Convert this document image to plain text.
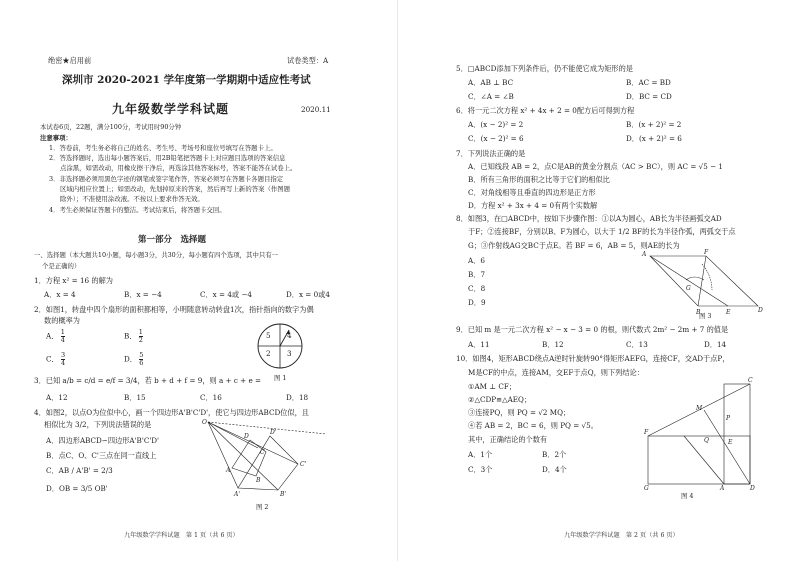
绝密★启用前	试卷类型：A
深圳市 2020-2021 学年度第一学期期中适应性考试
九年级数学学科试题	2020.11
本试卷6页，22题，满分100分，考试用时90分钟
注意事项：
1．答卷前，考生务必将自己的姓名、考生号、考场号和座位号填写在答题卡上。
2．答选择题时，选出每小题答案后，用2B铅笔把答题卡上对应题目选项的答案信息
点涂黑，如需改动，用橡皮擦干净后，再选涂其他答案标号，答案不能答在试卷上。
3．非选择题必须用黑色字迹的钢笔或签字笔作答，答案必须写在答题卡各题目指定
区域内相应位置上；如需改动，先划掉原来的答案，然后再写上新的答案（作图题
除外）；不准使用涂改液。不按以上要求作答无效。
4．考生必须保证答题卡的整洁。考试结束后，将答题卡交回。
第一部分　选择题
一、选择题（本大题共10小题，每小题3分，共30分，每小题有四个选项，其中只有一
个是正确的）
1．方程 x² = 16 的解为
A．x = 4	B．x = −4	C．x = 4或 −4	D．x = 0或4
2．如图1，转盘中四个扇形的面积都相等，小明随意转动转盘1次，指针指向的数字为偶
数的概率为
A． $\frac{1}{4}$	B． $\frac{1}{2}$
C． $\frac{3}{4}$	D． $\frac{5}{6}$
5 4
2 3
图 1
3．已知 a/b = c/d = e/f = 3/4，若 b + d + f = 9，则 a + c + e =
A．12	B．15	C．16	D．18
4．如图2，以点O为位似中心，画一个四边形A'B'C'D'，使它与四边形ABCD位似，且
相似比为 3/2，下列说法错误的是
A．四边形ABCD∽四边形A'B'C'D'
B．点C、O、C'三点在同一直线上
C．AB / A'B' = 2/3
D．OB = 3/5 OB'
O
D
D'
C
C'
A
B
A'	B'
图 2
九年级数学学科试题　第 1 页（共 6 页）
5．□ABCD添加下列条件后，仍不能使它成为矩形的是
A．AB ⊥ BC	B．AC = BD
C．∠A = ∠B	D．BC = CD
6．将一元二次方程 x² + 4x + 2 = 0配方后可得到方程
A．(x − 2)² = 2	B．(x + 2)² = 2
C．(x − 2)² = 6	D．(x + 2)² = 6
7．下列说法正确的是
A．已知线段 AB = 2，点C是AB的黄金分割点（AC > BC），则 AC = √5 − 1
B．所有三角形的面积之比等于它们的相似比
C．对角线相等且垂直的四边形是正方形
D．方程 x² + 3x + 4 = 0有两个实数解
8．如图3，在□ABCD中，按如下步骤作图：①以A为圆心，AB长为半径画弧交AD
于F；②连接BF，分别以B、F为圆心，以大于 1/2 BF的长为半径作弧，两弧交于点
G；③作射线AG交BC于点E。若 BF = 6，AB = 5，则AE的长为
A．6
B．7
C．8
D．9
A	F
D
B	E
G
图 3
9．已知 m 是一元二次方程 x² − x − 3 = 0 的根，则代数式 2m² − 2m + 7 的值是
A．11	B．12	C．13	D．14
10．如图4，矩形ABCD绕点A逆时针旋转90°得矩形AEFG，连接CF，交AD于点P，
M是CF的中点，连接AM，交EF于点Q，则下列结论：
①AM ⊥ CF；
②△CDP≌△AEQ；
③连接PQ，则 PQ = √2 MQ；
④若 AB = 2，BC = 6，则 PQ = √5。
其中，正确结论的个数有
A．1个	B．2个
C．3个	D．4个
C
D
A
F
G
M
P
Q	E
图 4
九年级数学学科试题　第 2 页（共 6 页）
